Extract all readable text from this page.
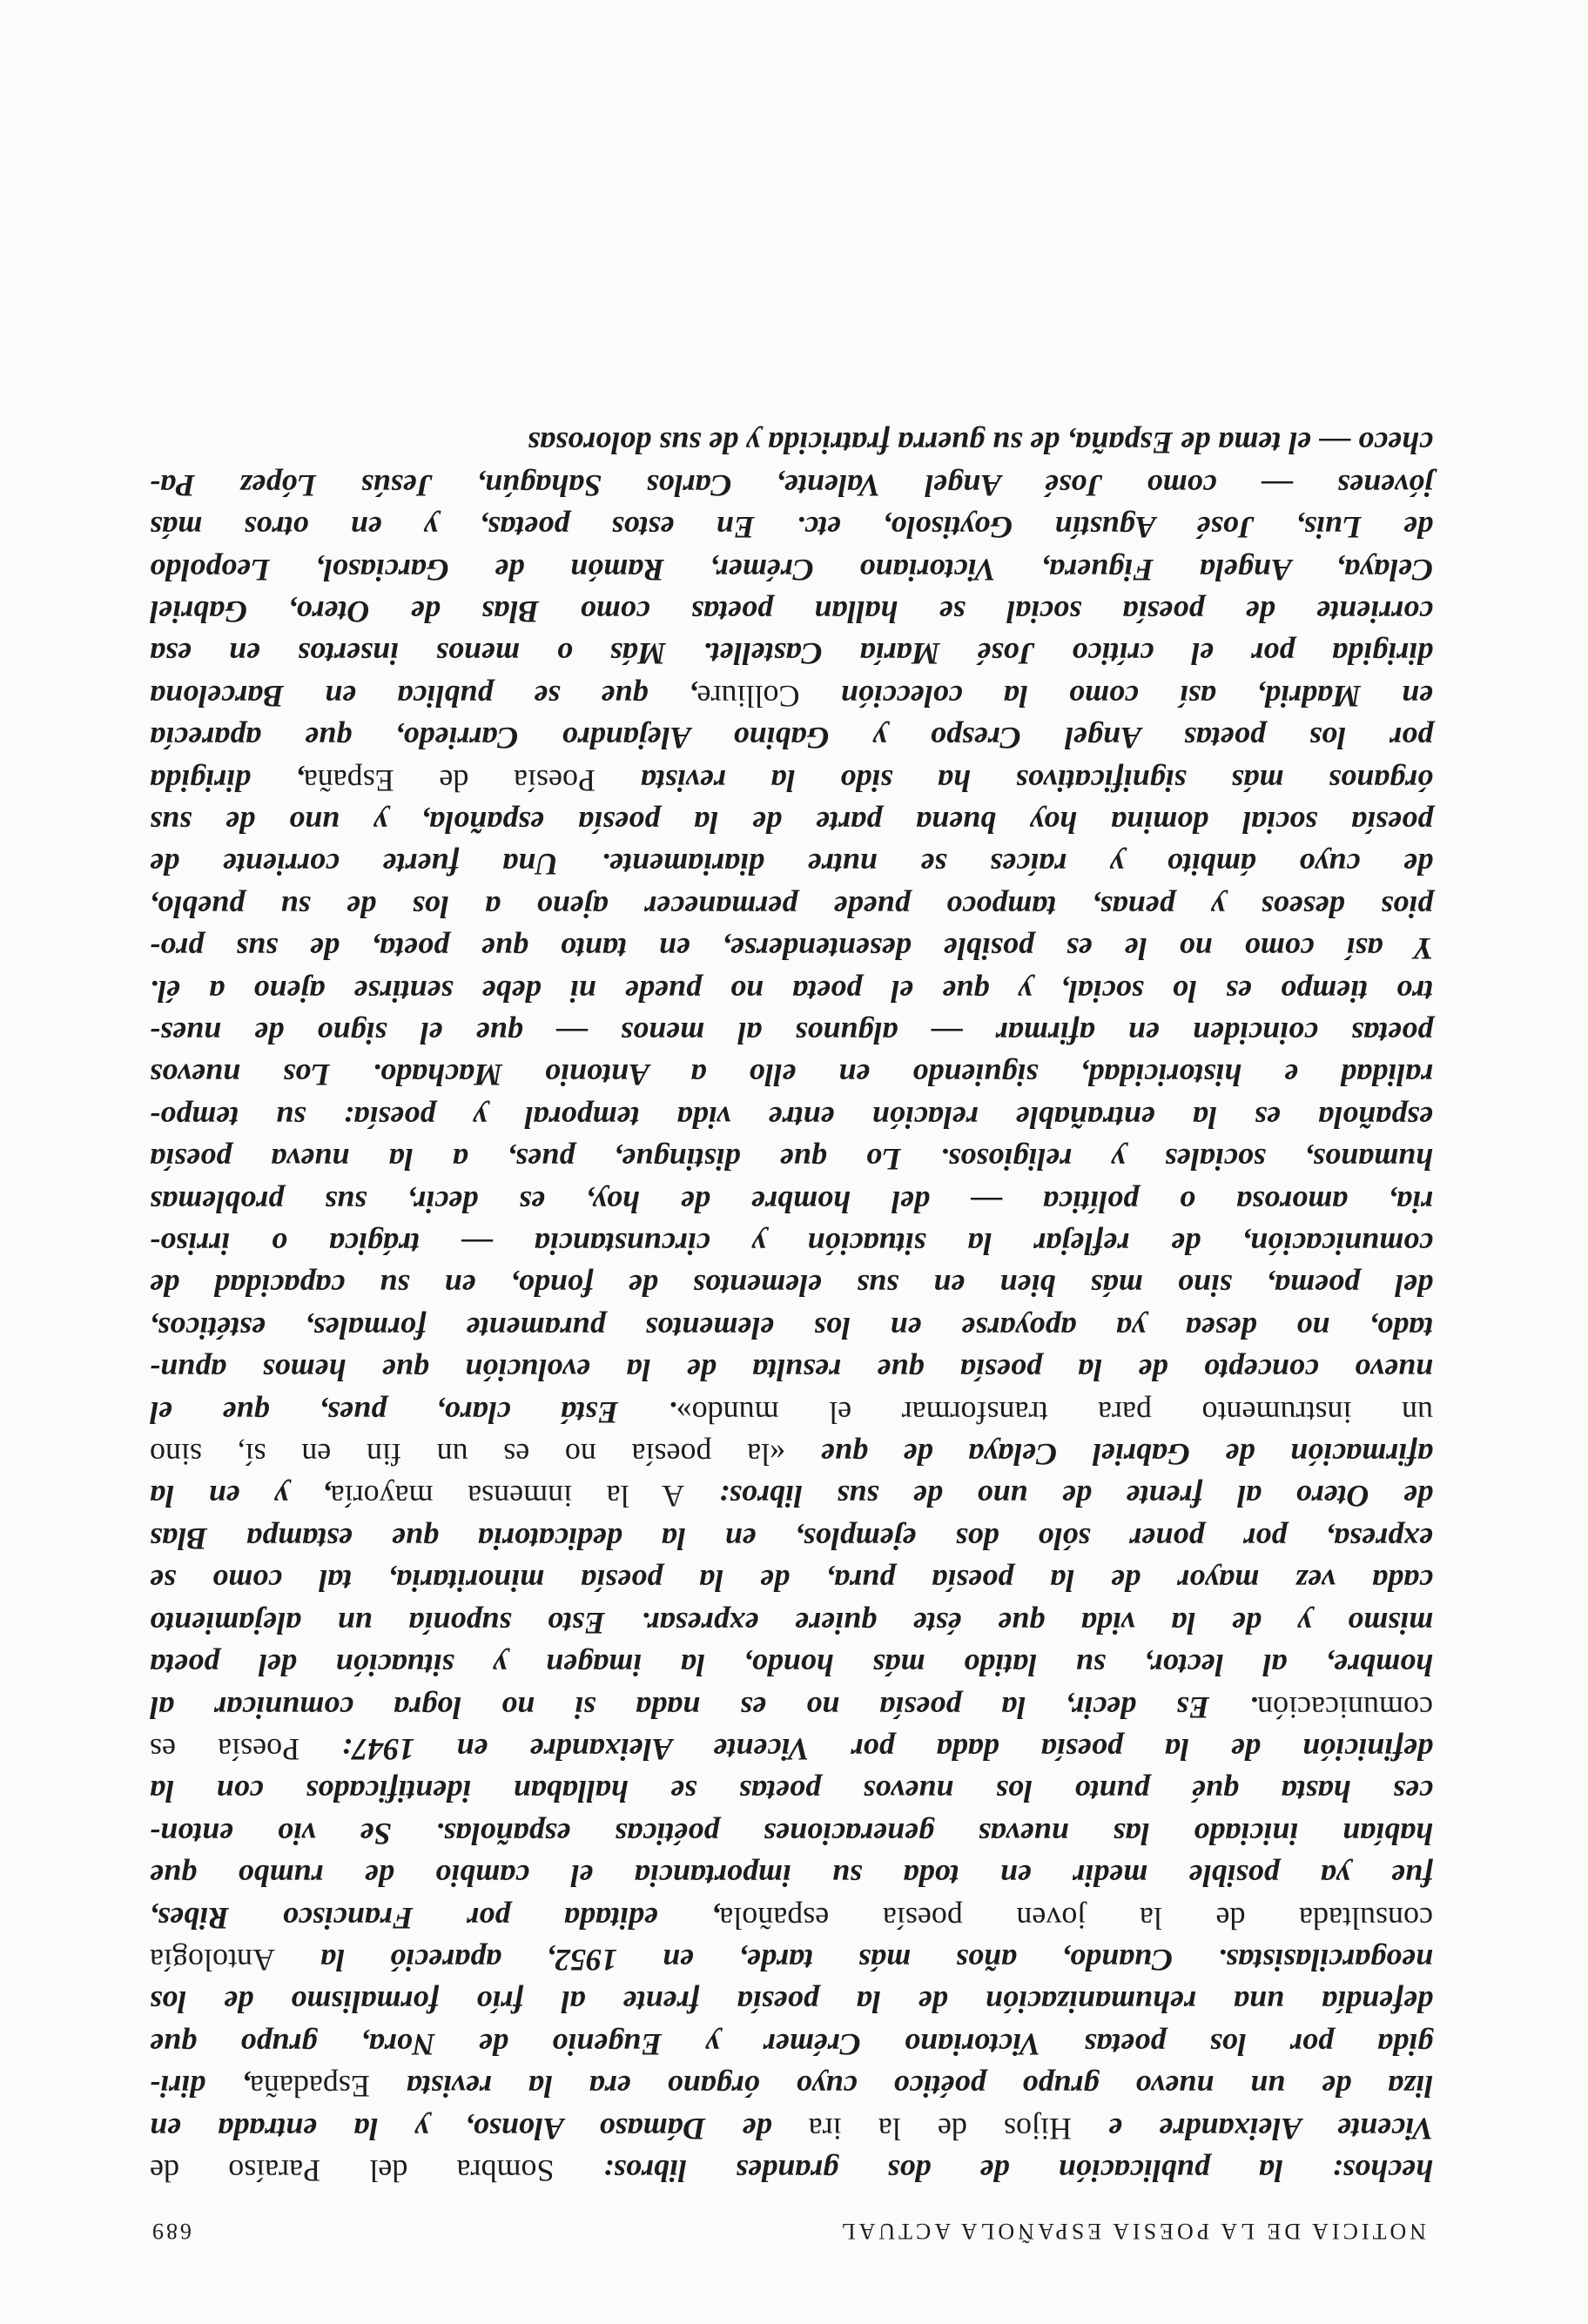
NOTICIA DE LA POESIA ESPAÑOLA ACTUAL
689

hechos: la publicación de dos grandes libros: Sombra del Paraíso de
Vicente Aleixandre e Hijos de la ira de Dámaso Alonso, y la entrada en
liza de un nuevo grupo poético cuyo órgano era la revista Espadaña, diri-
gida por los poetas Victoriano Crémer y Eugenio de Nora, grupo que
defendía una rehumanización de la poesía frente al frío formalismo de los
neogarcilasistas. Cuando, años más tarde, en 1952, apareció la Antología
consultada de la joven poesía española, editada por Francisco Ribes,
fue ya posible medir en toda su importancia el cambio de rumbo que
habían iniciado las nuevas generaciones poéticas españolas. Se vio enton-
ces hasta qué punto los nuevos poetas se hallaban identificados con la
definición de la poesía dada por Vicente Aleixandre en 1947: Poesía es
comunicación. Es decir, la poesía no es nada si no logra comunicar al
hombre, al lector, su latido más hondo, la imagen y situación del poeta
mismo y de la vida que éste quiere expresar. Esto suponía un alejamiento
cada vez mayor de la poesía pura, de la poesía minoritaria, tal como se
expresa, por poner sólo dos ejemplos, en la dedicatoria que estampa Blas
de Otero al frente de uno de sus libros: A la inmensa mayoría, y en la
afirmación de Gabriel Celaya de que «la poesía no es un fin en sí, sino
un instrumento para transformar el mundo». Está claro, pues, que el
nuevo concepto de la poesía que resulta de la evolución que hemos apun-
tado, no desea ya apoyarse en los elementos puramente formales, estéticos,
del poema, sino más bien en sus elementos de fondo, en su capacidad de
comunicación, de reflejar la situación y circunstancia — trágica o irriso-
ria, amorosa o política — del hombre de hoy, es decir, sus problemas
humanos, sociales y religiosos. Lo que distingue, pues, a la nueva poesía
española es la entrañable relación entre vida temporal y poesía: su tempo-
ralidad e historicidad, siguiendo en ello a Antonio Machado. Los nuevos
poetas coinciden en afirmar — algunos al menos — que el signo de nues-
tro tiempo es lo social, y que el poeta no puede ni debe sentirse ajeno a él.
Y así como no le es posible desentenderse, en tanto que poeta, de sus pro-
pios deseos y penas, tampoco puede permanecer ajeno a los de su pueblo,
de cuyo ámbito y raíces se nutre diariamente. Una fuerte corriente de
poesía social domina hoy buena parte de la poesía española, y uno de sus
órganos más significativos ha sido la revista Poesía de España, dirigida
por los poetas Angel Crespo y Gabino Alejandro Carriedo, que aparecía
en Madrid, así como la colección Colliure, que se publica en Barcelona
dirigida por el crítico José María Castellet. Más o menos insertos en esa
corriente de poesía social se hallan poetas como Blas de Otero, Gabriel
Celaya, Angela Figuera, Victoriano Crémer, Ramón de Garciasol, Leopoldo
de Luis, José Agustín Goytisolo, etc. En estos poetas, y en otros más
jóvenes — como José Angel Valente, Carlos Sahagún, Jesús López Pa-
checo — el tema de España, de su guerra fratricida y de sus dolorosas
